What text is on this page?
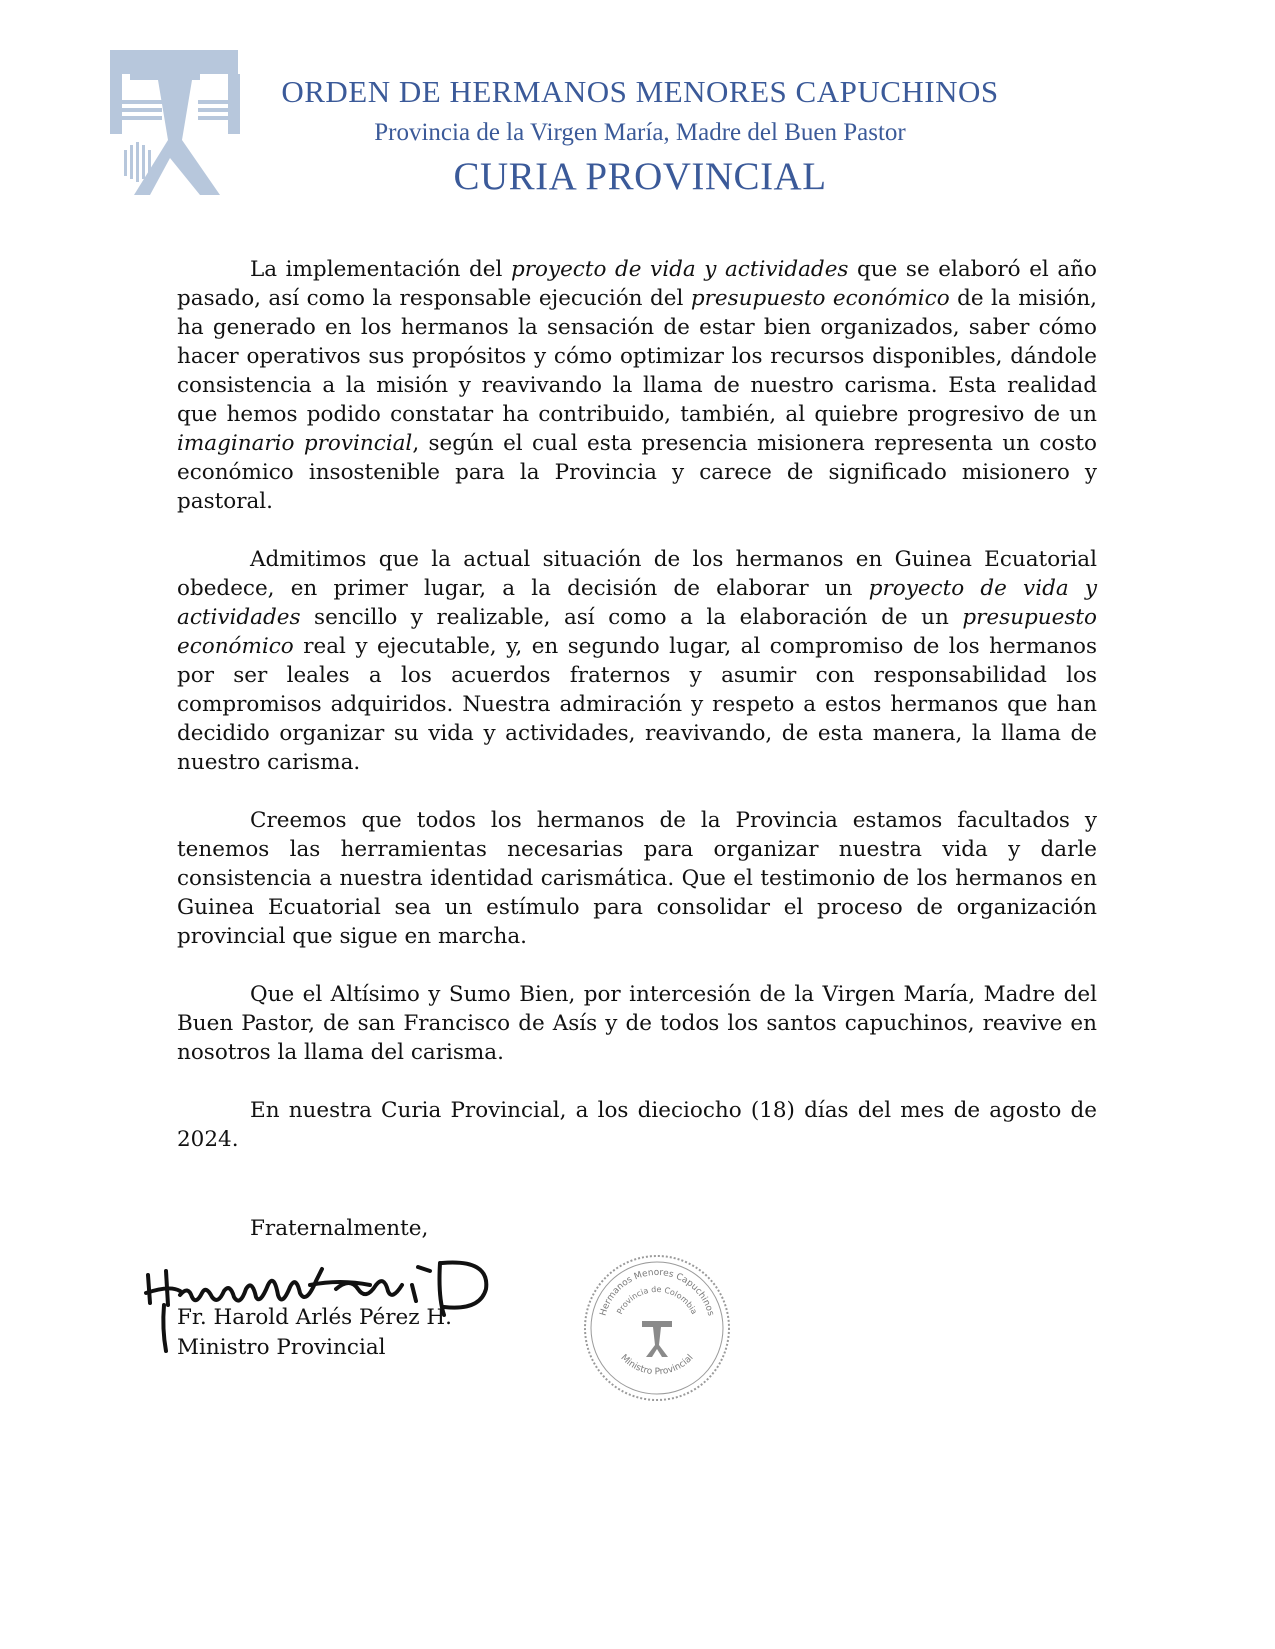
ORDEN DE HERMANOS MENORES CAPUCHINOS
Provincia de la Virgen María, Madre del Buen Pastor
CURIA PROVINCIAL

La implementación del proyecto de vida y actividades que se elaboró el año pasado, así como la responsable ejecución del presupuesto económico de la misión, ha generado en los hermanos la sensación de estar bien organizados, saber cómo hacer operativos sus propósitos y cómo optimizar los recursos disponibles, dándole consistencia a la misión y reavivando la llama de nuestro carisma. Esta realidad que hemos podido constatar ha contribuido, también, al quiebre progresivo de un imaginario provincial, según el cual esta presencia misionera representa un costo económico insostenible para la Provincia y carece de significado misionero y pastoral.

Admitimos que la actual situación de los hermanos en Guinea Ecuatorial obedece, en primer lugar, a la decisión de elaborar un proyecto de vida y actividades sencillo y realizable, así como a la elaboración de un presupuesto económico real y ejecutable, y, en segundo lugar, al compromiso de los hermanos por ser leales a los acuerdos fraternos y asumir con responsabilidad los compromisos adquiridos. Nuestra admiración y respeto a estos hermanos que han decidido organizar su vida y actividades, reavivando, de esta manera, la llama de nuestro carisma.

Creemos que todos los hermanos de la Provincia estamos facultados y tenemos las herramientas necesarias para organizar nuestra vida y darle consistencia a nuestra identidad carismática. Que el testimonio de los hermanos en Guinea Ecuatorial sea un estímulo para consolidar el proceso de organización provincial que sigue en marcha.

Que el Altísimo y Sumo Bien, por intercesión de la Virgen María, Madre del Buen Pastor, de san Francisco de Asís y de todos los santos capuchinos, reavive en nosotros la llama del carisma.

En nuestra Curia Provincial, a los dieciocho (18) días del mes de agosto de 2024.

Fraternalmente,
Fr. Harold Arlés Pérez H.
Ministro Provincial
Hermanos Menores Capuchinos
Provincia de Colombia
Ministro Provincial
